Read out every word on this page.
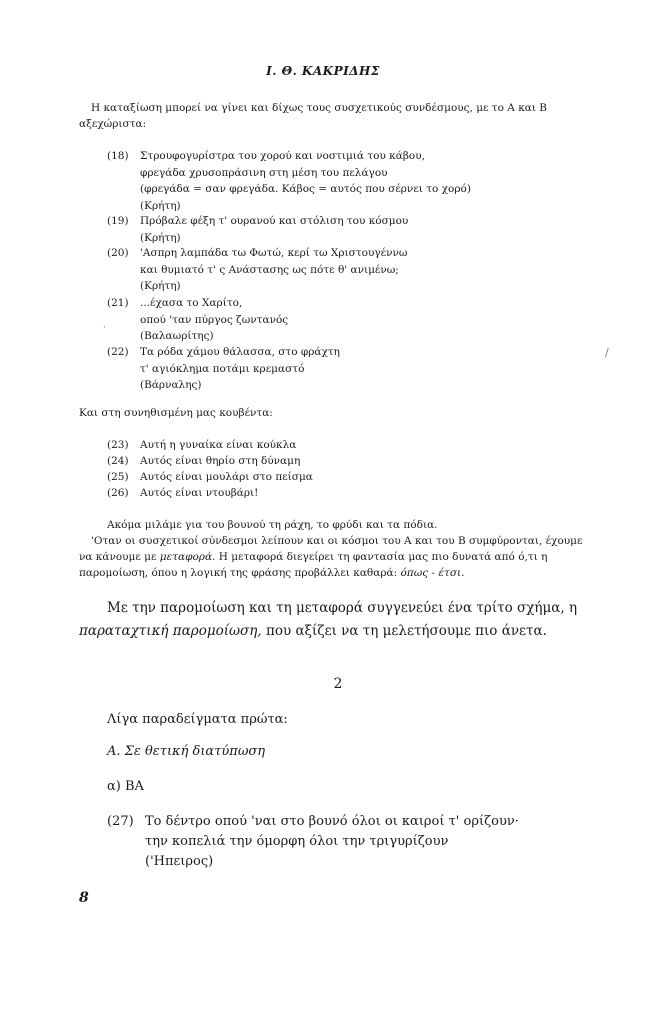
Ι. Θ. ΚΑΚΡΙΔΗΣ
Η καταξίωση μπορεί να γίνει και δίχως τους συσχετικούς συνδέσμους, με το Α και Β
αξεχώριστα:
(18) Στρουφογυρίστρα του χορού και νοστιμιά του κάβου,
φρεγάδα χρυσοπράσινη στη μέση του πελάγου
(φρεγάδα = σαν φρεγάδα. Κάβος = αυτός που σέρνει το χορό)
(Κρήτη)
(19) Πρόβαλε φέξη τ' ουρανού και στόλιση του κόσμου
(Κρήτη)
(20) 'Ασπρη λαμπάδα τω Φωτώ, κερί τω Χριστουγέννω
και θυμιατό τ' ς Ανάστασης ως πότε θ' ανιμένω;
(Κρήτη)
(21) ...έχασα το Χαρίτο,
οπού 'ταν πύργος ζωντανός
(Βαλαωρίτης)
(22) Τα ρόδα χάμου θάλασσα, στο φράχτη
τ' αγιόκλημα ποτάμι κρεμαστό
(Βάρναλης)
Και στη συνηθισμένη μας κουβέντα:
(23) Αυτή η γυναίκα είναι κούκλα
(24) Αυτός είναι θηρίο στη δύναμη
(25) Αυτός είναι μουλάρι στο πείσμα
(26) Αυτός είναι ντουβάρι!
Ακόμα μιλάμε για του βουνού τη ράχη, το φρύδι και τα πόδια.
'Οταν οι συσχετικοί σύνδεσμοι λείπουν και οι κόσμοι του Α και του Β συμφύρονται, έχουμε
να κάνουμε με μεταφορά. Η μεταφορά διεγείρει τη φαντασία μας πιο δυνατά από ό,τι η
παρομοίωση, όπου η λογική της φράσης προβάλλει καθαρά: όπως - έτσι.
Με την παρομοίωση και τη μεταφορά συγγενεύει ένα τρίτο σχήμα, η
παραταχτική παρομοίωση, που αξίζει να τη μελετήσουμε πιο άνετα.
2
Λίγα παραδείγματα πρώτα:
Α. Σε θετική διατύπωση
α) ΒΑ
(27) Το δέντρο οπού 'ναι στο βουνό όλοι οι καιροί τ' ορίζουν·
την κοπελιά την όμορφη όλοι την τριγυρίζουν
('Ηπειρος)
8
/
·
